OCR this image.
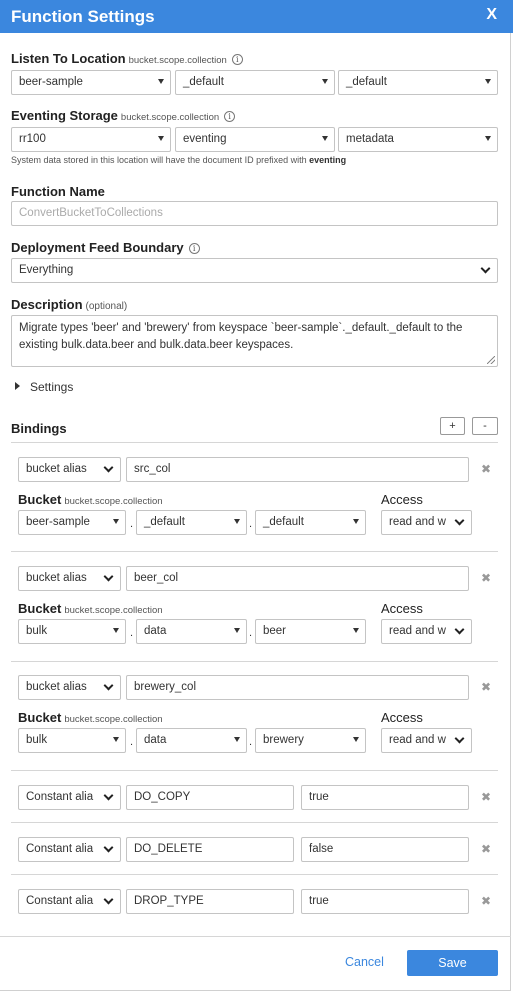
Function Settings	X
Listen To Location bucket.scope.collection i
beer-sample	_default	_default
Eventing Storage bucket.scope.collection i
rr100	eventing	metadata
System data stored in this location will have the document ID prefixed with eventing
Function Name
ConvertBucketToCollections
Deployment Feed Boundary i
Everything
Description (optional)
Migrate types 'beer' and 'brewery' from keyspace `beer-sample`._default._default to the existing bulk.data.beer and bulk.data.beer keyspaces.
Settings
Bindings	+	-
bucket alias	src_col	✖
Bucket bucket.scope.collection	Access
beer-sample	. _default	. _default	read and w
bucket alias	beer_col	✖
Bucket bucket.scope.collection	Access
bulk	. data	. beer	read and w
bucket alias	brewery_col	✖
Bucket bucket.scope.collection	Access
bulk	. data	. brewery	read and w
Constant alia	DO_COPY	true	✖
Constant alia	DO_DELETE	false	✖
Constant alia	DROP_TYPE	true	✖
Cancel	Save
